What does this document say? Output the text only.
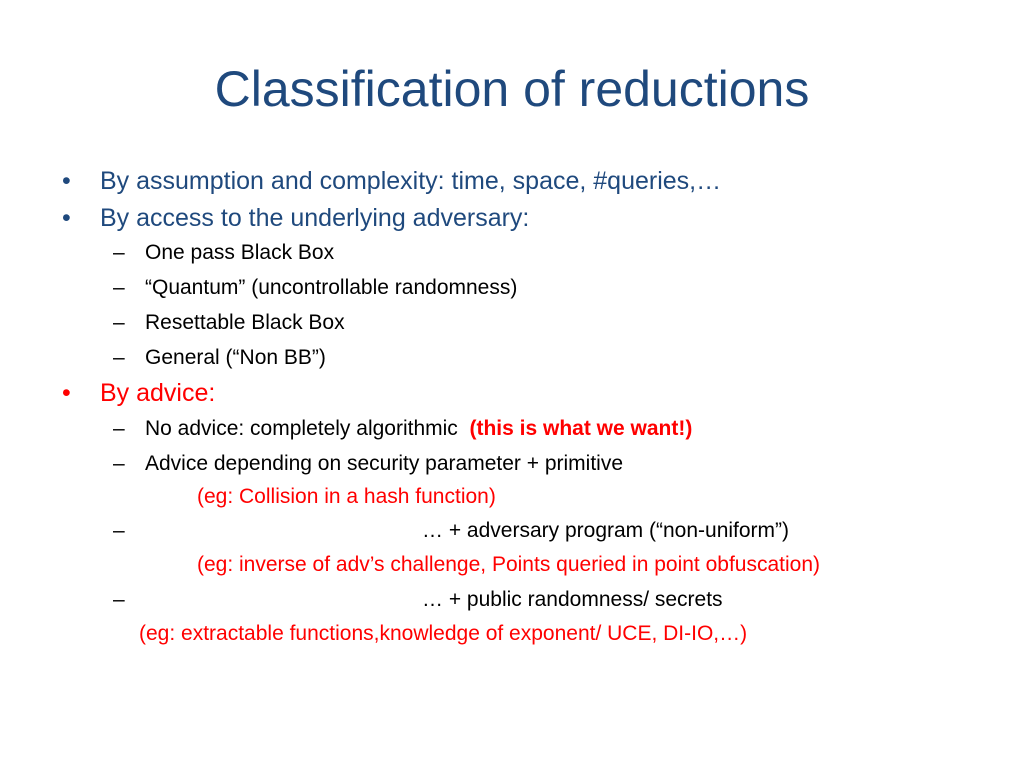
Classification of reductions
• By assumption and complexity: time, space, #queries,…
• By access to the underlying adversary:
– One pass Black Box
– “Quantum” (uncontrollable randomness)
– Resettable Black Box
– General (“Non BB”)
• By advice:
– No advice: completely algorithmic (this is what we want!)
– Advice depending on security parameter + primitive
(eg: Collision in a hash function)
–	… + adversary program (“non-uniform”)
(eg: inverse of adv’s challenge, Points queried in point obfuscation)
–	… + public randomness/ secrets
(eg: extractable functions,knowledge of exponent/ UCE, DI-IO,…)
